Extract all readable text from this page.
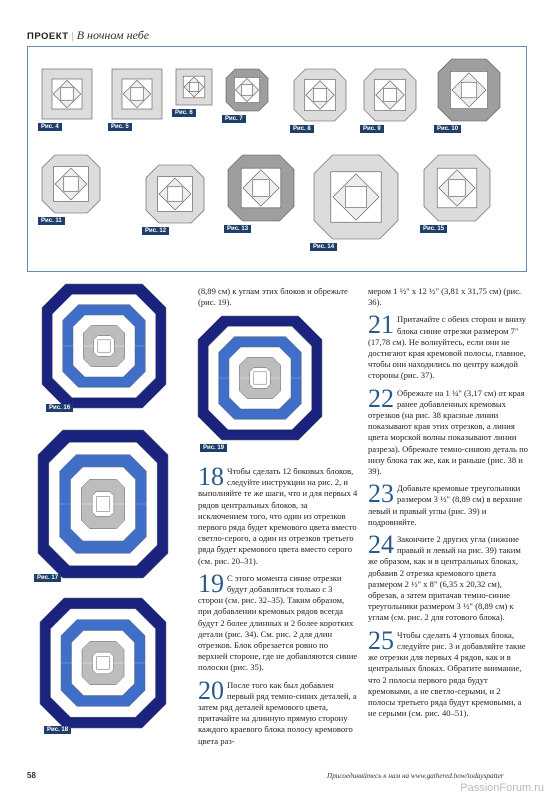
ПРОЕКТ | В ночном небе
Рис. 4	Рис. 5
Рис. 6
Рис. 7
Рис. 8	Рис. 9	Рис. 10
Рис. 11
Рис. 12	Рис. 13
Рис. 14
Рис. 15
Рис. 16
Рис. 17
Рис. 18
Рис. 19

(8,89 см) к углам этих блоков и обрежьте (рис. 19).

18 Чтобы сделать 12 боковых блоков, следуйте инструкции на рис. 2, и выполняйте те же шаги, что и для первых 4 рядов центральных блоков, за исключением того, что один из отрезков первого ряда будет кремового цвета вместо светло-серого, а один из отрезков третьего ряда будет кремового цвета вместо серого (см. рис. 20–31).

19 С этого момента синие отрезки будут добавляться только с 3 сторон (см. рис. 32–35). Таким образом, при добавлении кремовых рядов всегда будут 2 более длинных и 2 более коротких детали (рис. 34). См. рис. 2 для длин отрезков. Блок обрезается ровно по верхней стороне, где не добавляются синие полоски (рис. 35).

20 После того как был добавлен первый ряд темно-синих деталей, а затем ряд деталей кремового цвета, притачайте на длинную прямую сторону каждого краевого блока полосу кремового цвета раз-

мером 1 ½" x 12 ½" (3,81 х 31,75 см) (рис. 36).

21 Притачайте с обеих сторон и внизу блока синие отрезки размером 7" (17,78 см). Не волнуйтесь, если они не достигают края кремовой полосы, главное, чтобы они находились по центру каждой стороны (рис. 37).

22 Обрежьте на 1 ¼" (3,17 см) от края ранее добавленных кремовых отрезков (на рис. 38 красные линии показывают края этих отрезков, а линия цвета морской волны показывают линии разреза). Обрежьте темно-синюю деталь по низу блока так же, как и раньше (рис. 38 и 39).

23 Добавьте кремовые треугольники размером 3 ½" (8,89 см) в верхние левый и правый углы (рис. 39) и подровняйте.

24 Закончите 2 других угла (нижние правый и левый на рис. 39) таким же образом, как и в центральных блоках, добавив 2 отрезка кремового цвета размером 2 ½" x 8" (6,35 х 20,32 см), обрезав, а затем притачав темно-синие треугольники размером 3 ½" (8,89 см) к углам (см. рис. 2 для готового блока).

25 Чтобы сделать 4 угловых блока, следуйте рис. 3 и добавляйте такие же отрезки для первых 4 рядов, как и в центральных блоках. Обратите внимание, что 2 полосы первого ряда будут кремовыми, а не светло-серыми, и 2 полосы третьего ряда будут кремовыми, а не серыми (см. рис. 40–51).

58	Присоединяйтесь к нам на www.gathered.how/todayspatter
PassionForum.ru
